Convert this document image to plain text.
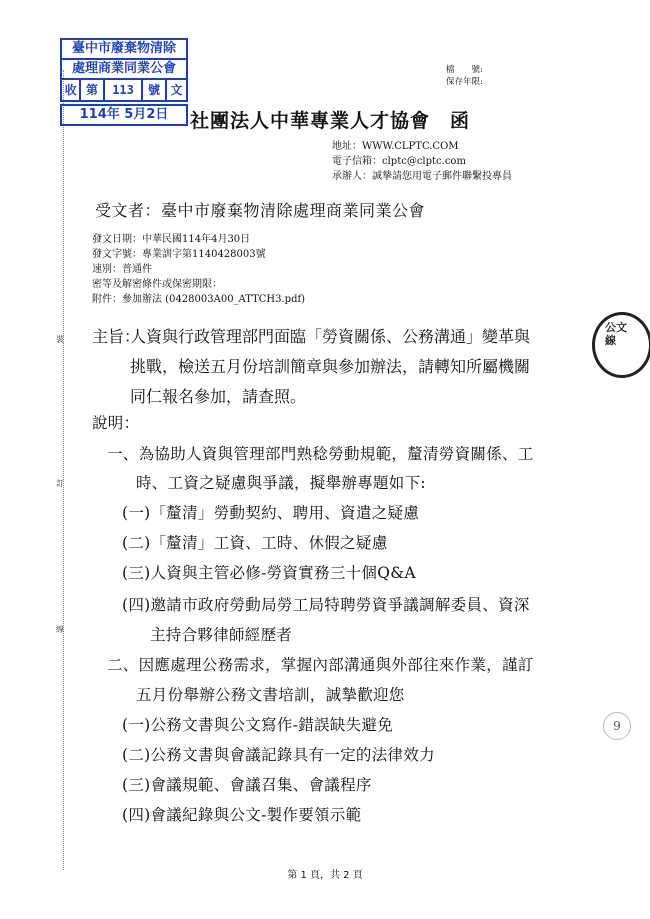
裝
訂
線
臺中市廢棄物清除
處理商業同業公會
收 第	113	號 文
114年 5月2日
檔　　號:
保存年限:
社團法人中華專業人才協會　函
地址：WWW.CLPTC.COM
電子信箱：clptc@clptc.com
承辦人：誠摯請您用電子郵件聯繫投專員
受文者：臺中市廢棄物清除處理商業同業公會
發文日期：中華民國114年4月30日
發文字號：專業訓字第1140428003號
速別：普通件
密等及解密條件或保密期限：
附件：參加辦法 (0428003A00_ATTCH3.pdf)
主旨：
人資與行政管理部門面臨「勞資關係、公務溝通」變革與
挑戰，檢送五月份培訓簡章與參加辦法，請轉知所屬機關
同仁報名參加，請查照。
說明：
一、為協助人資與管理部門熟稔勞動規範，釐清勞資關係、工
時、工資之疑慮與爭議，擬舉辦專題如下:
(一)「釐清」勞動契約、聘用、資遣之疑慮
(二)「釐清」工資、工時、休假之疑慮
(三)人資與主管必修-勞資實務三十個Q&A
(四)邀請市政府勞動局勞工局特聘勞資爭議調解委員、資深
主持合夥律師經歷者
二、因應處理公務需求，掌握內部溝通與外部往來作業，謹訂
五月份舉辦公務文書培訓，誠摯歡迎您
(一)公務文書與公文寫作-錯誤缺失避免
(二)公務文書與會議記錄具有一定的法律效力
(三)會議規範、會議召集、會議程序
(四)會議紀錄與公文-製作要領示範
公文
線
9
第 1 頁，共 2 頁
